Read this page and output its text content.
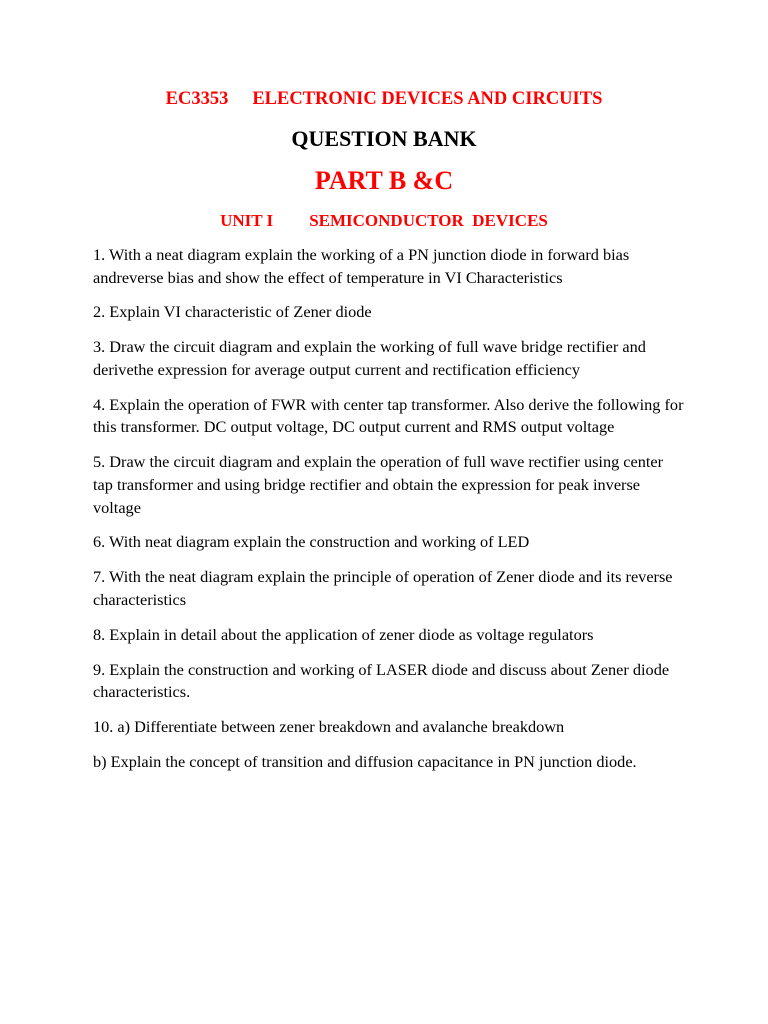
EC3353 ELECTRONIC DEVICES AND CIRCUITS
QUESTION BANK
PART B &C
UNIT I SEMICONDUCTOR  DEVICES
1. With a neat diagram explain the working of a PN junction diode in forward bias andreverse bias and show the effect of temperature in VI Characteristics
2. Explain VI characteristic of Zener diode
3. Draw the circuit diagram and explain the working of full wave bridge rectifier and derivethe expression for average output current and rectification efficiency
4. Explain the operation of FWR with center tap transformer. Also derive the following for this transformer. DC output voltage, DC output current and RMS output voltage
5. Draw the circuit diagram and explain the operation of full wave rectifier using center tap transformer and using bridge rectifier and obtain the expression for peak inverse voltage
6. With neat diagram explain the construction and working of LED
7. With the neat diagram explain the principle of operation of Zener diode and its reverse characteristics
8. Explain in detail about the application of zener diode as voltage regulators
9. Explain the construction and working of LASER diode and discuss about Zener diode characteristics.
10. a) Differentiate between zener breakdown and avalanche breakdown
b) Explain the concept of transition and diffusion capacitance in PN junction diode.
